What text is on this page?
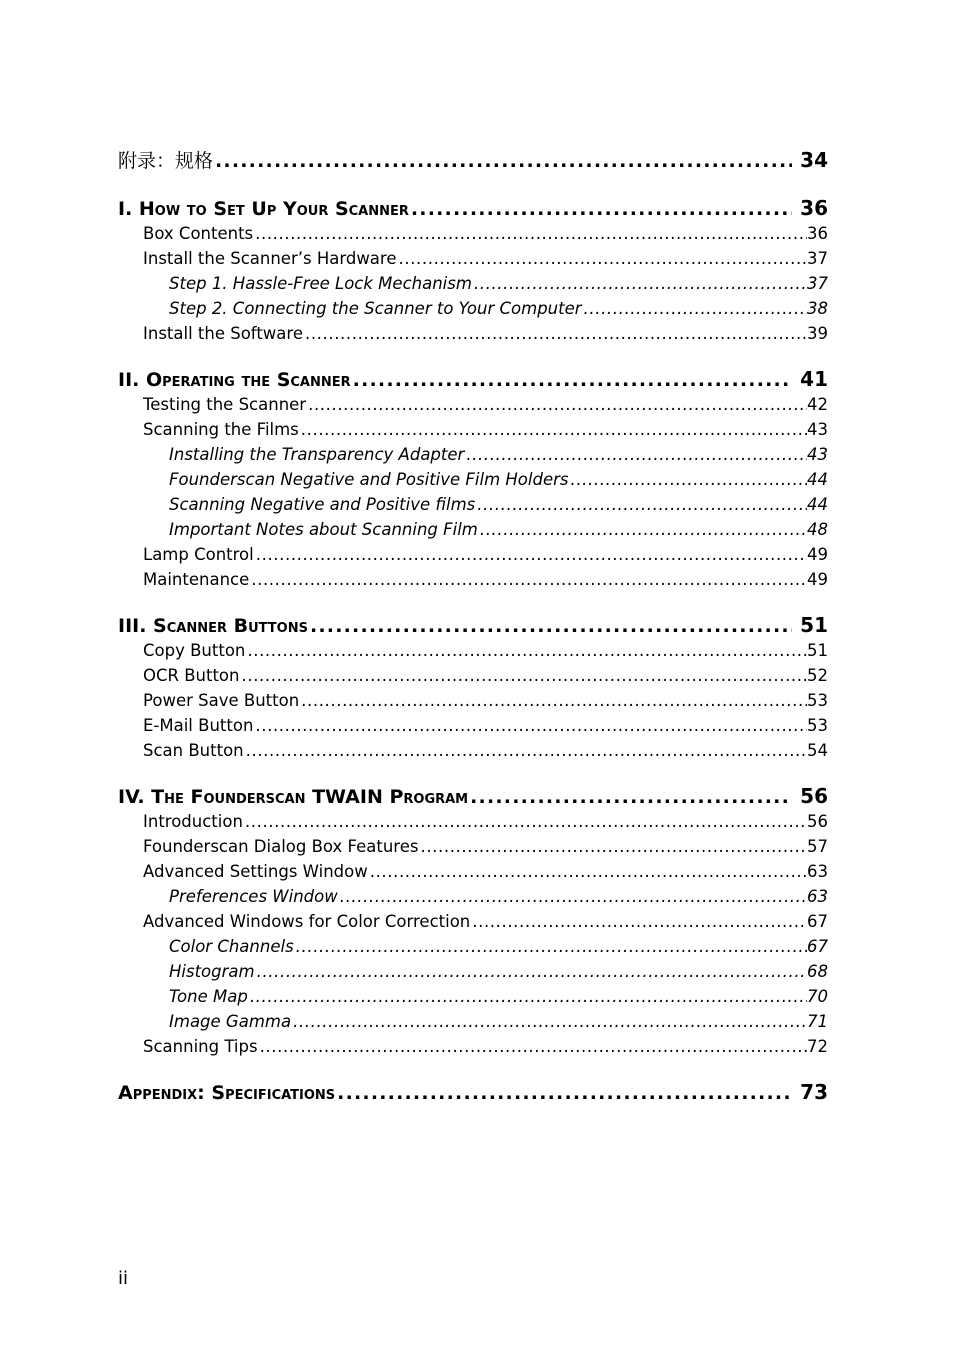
附录：规格 .....	34
I. How to Set Up Your Scanner .....	36
Box Contents .....	36
Install the Scanner’s Hardware .....	37
Step 1. Hassle-Free Lock Mechanism .....	37
Step 2. Connecting the Scanner to Your Computer .....	38
Install the Software .....	39
II. Operating the Scanner .....	41
Testing the Scanner .....	42
Scanning the Films .....	43
Installing the Transparency Adapter .....	43
Founderscan Negative and Positive Film Holders .....	44
Scanning Negative and Positive films .....	44
Important Notes about Scanning Film .....	48
Lamp Control .....	49
Maintenance .....	49
III. Scanner Buttons .....	51
Copy Button .....	51
OCR Button .....	52
Power Save Button .....	53
E-Mail Button .....	53
Scan Button .....	54
IV. The Founderscan TWAIN Program .....	56
Introduction .....	56
Founderscan Dialog Box Features .....	57
Advanced Settings Window .....	63
Preferences Window .....	63
Advanced Windows for Color Correction .....	67
Color Channels .....	67
Histogram .....	68
Tone Map .....	70
Image Gamma .....	71
Scanning Tips .....	72
Appendix: Specifications .....	73
ii
